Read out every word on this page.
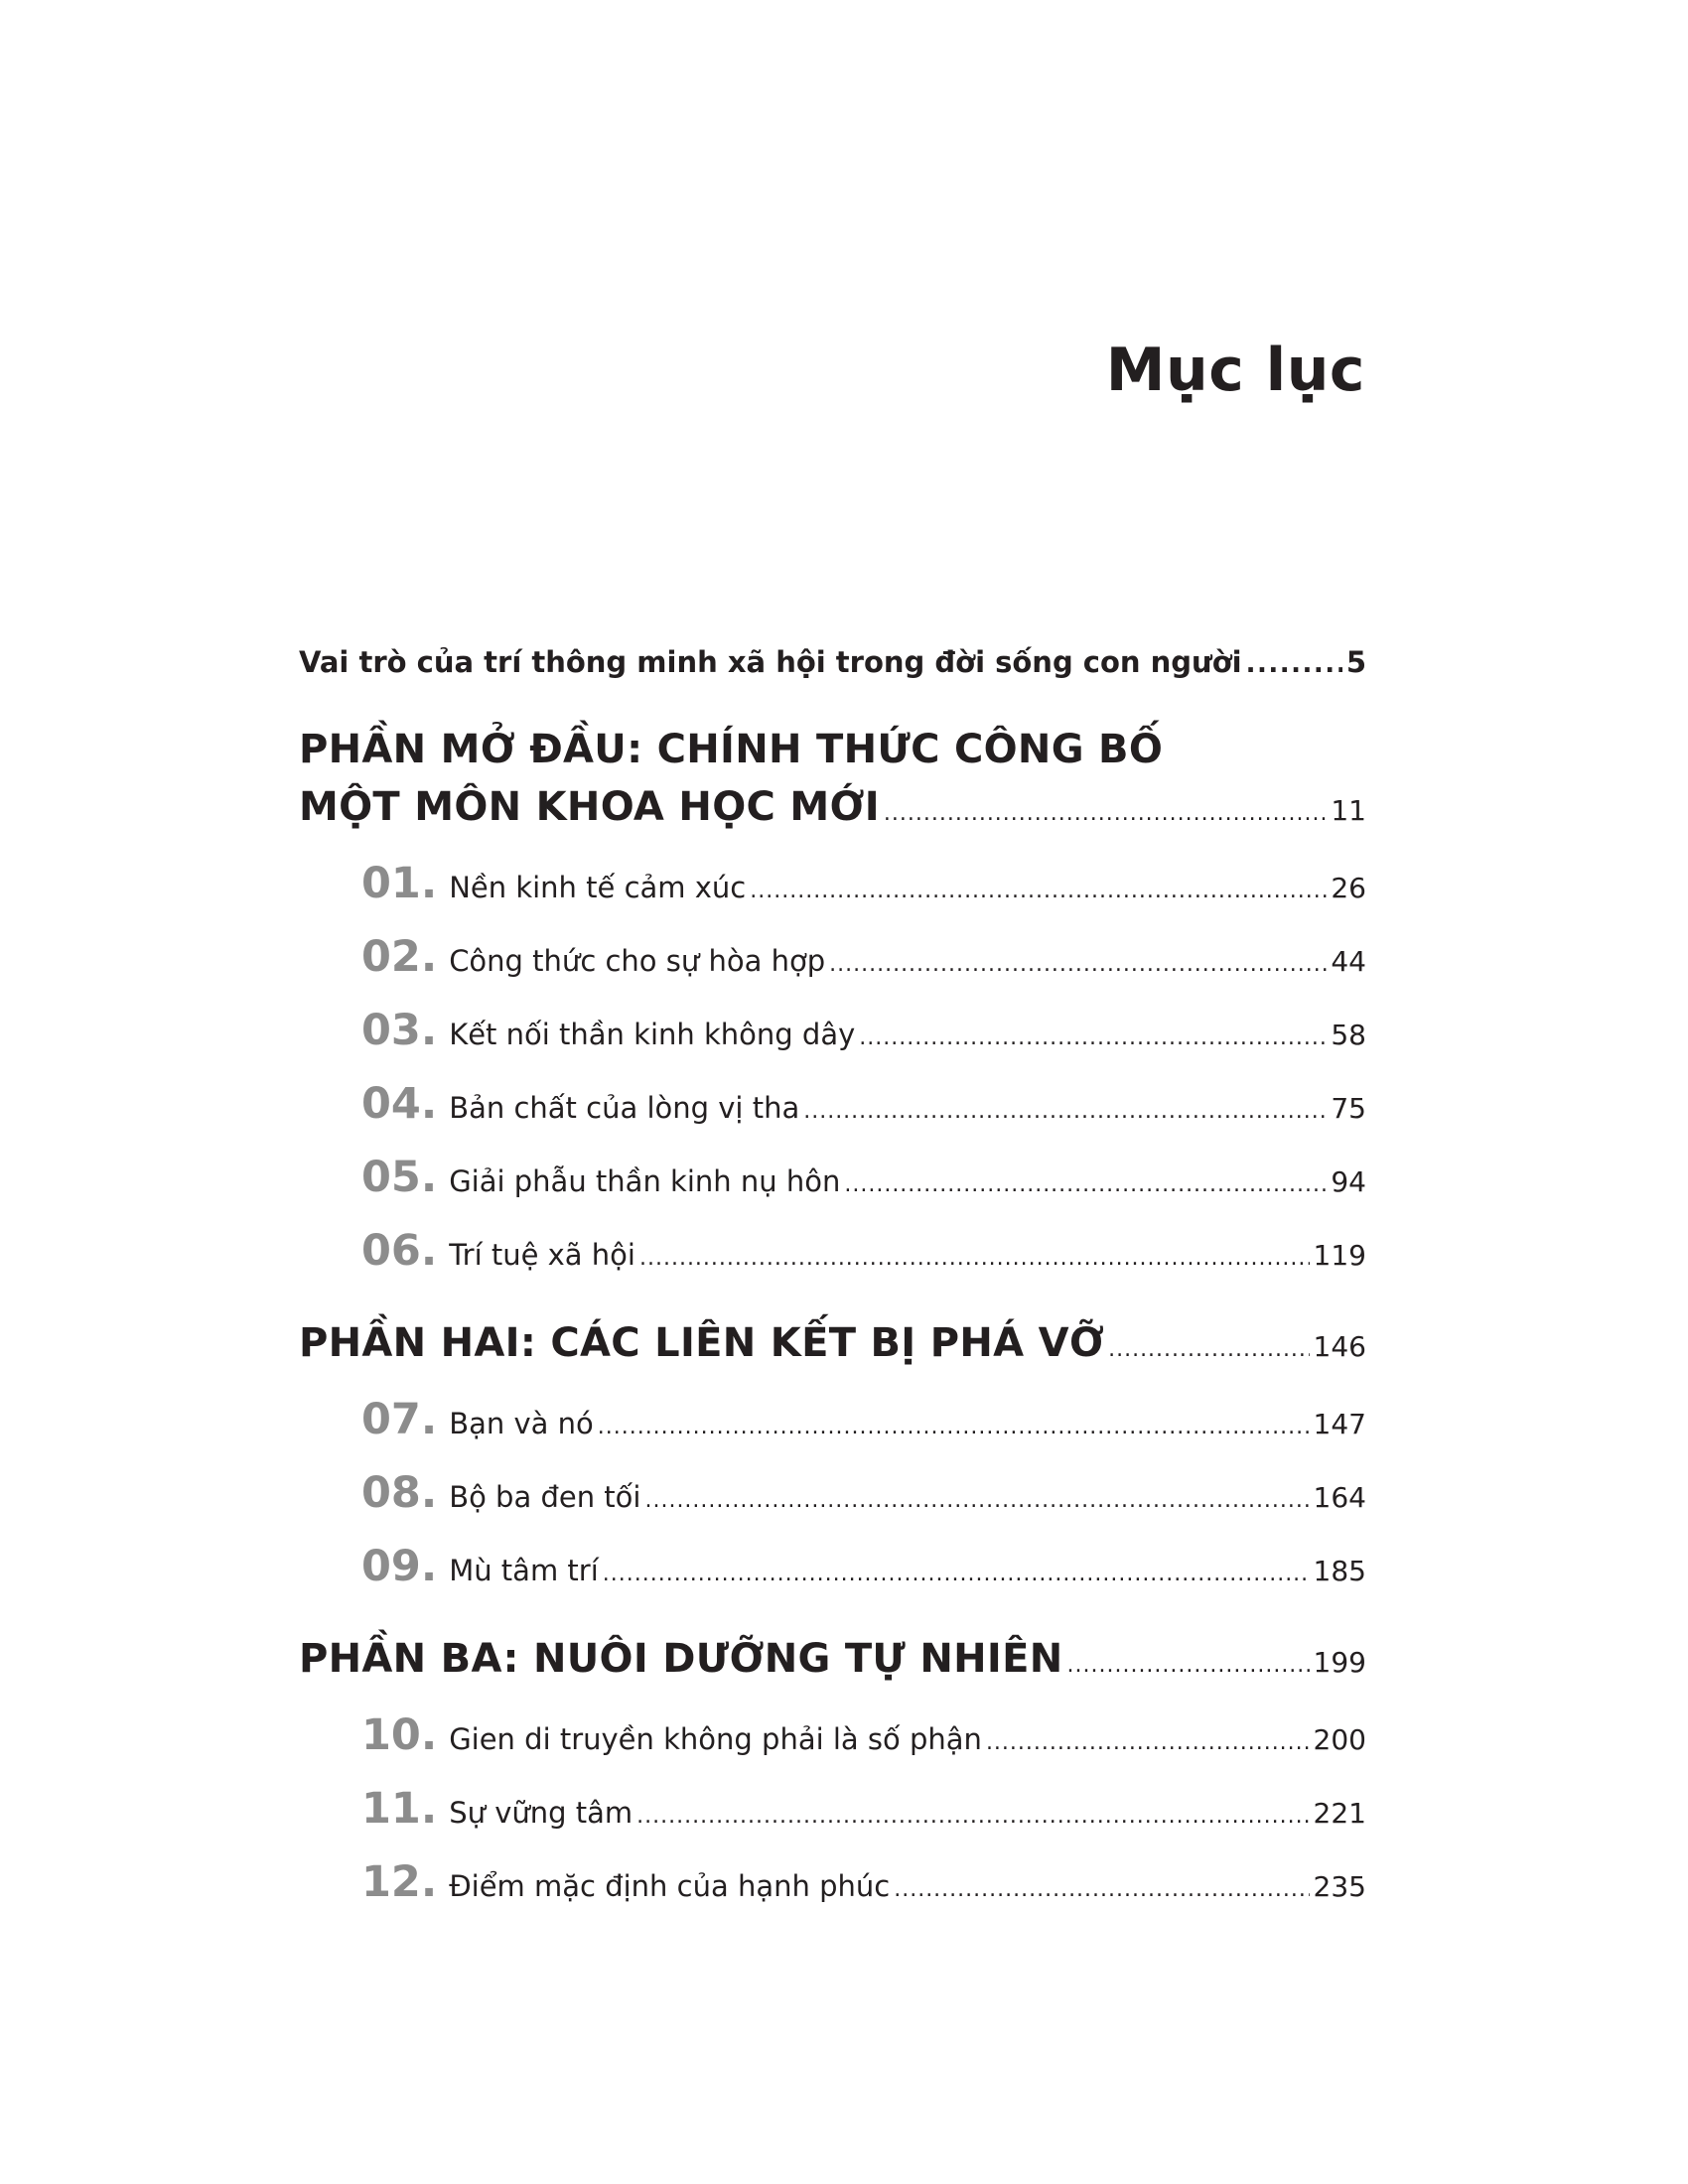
Mục lục
Vai trò của trí thông minh xã hội trong đời sống con người .....	5
PHẦN MỞ ĐẦU: CHÍNH THỨC CÔNG BỐ
MỘT MÔN KHOA HỌC MỚI .....	11
01. Nền kinh tế cảm xúc .....	26
02. Công thức cho sự hòa hợp .....	44
03. Kết nối thần kinh không dây .....	58
04. Bản chất của lòng vị tha .....	75
05. Giải phẫu thần kinh nụ hôn .....	94
06. Trí tuệ xã hội .....	119
PHẦN HAI: CÁC LIÊN KẾT BỊ PHÁ VỠ .....	146
07. Bạn và nó .....	147
08. Bộ ba đen tối .....	164
09. Mù tâm trí .....	185
PHẦN BA: NUÔI DƯỠNG TỰ NHIÊN .....	199
10. Gien di truyền không phải là số phận .....	200
11. Sự vững tâm .....	221
12. Điểm mặc định của hạnh phúc .....	235
